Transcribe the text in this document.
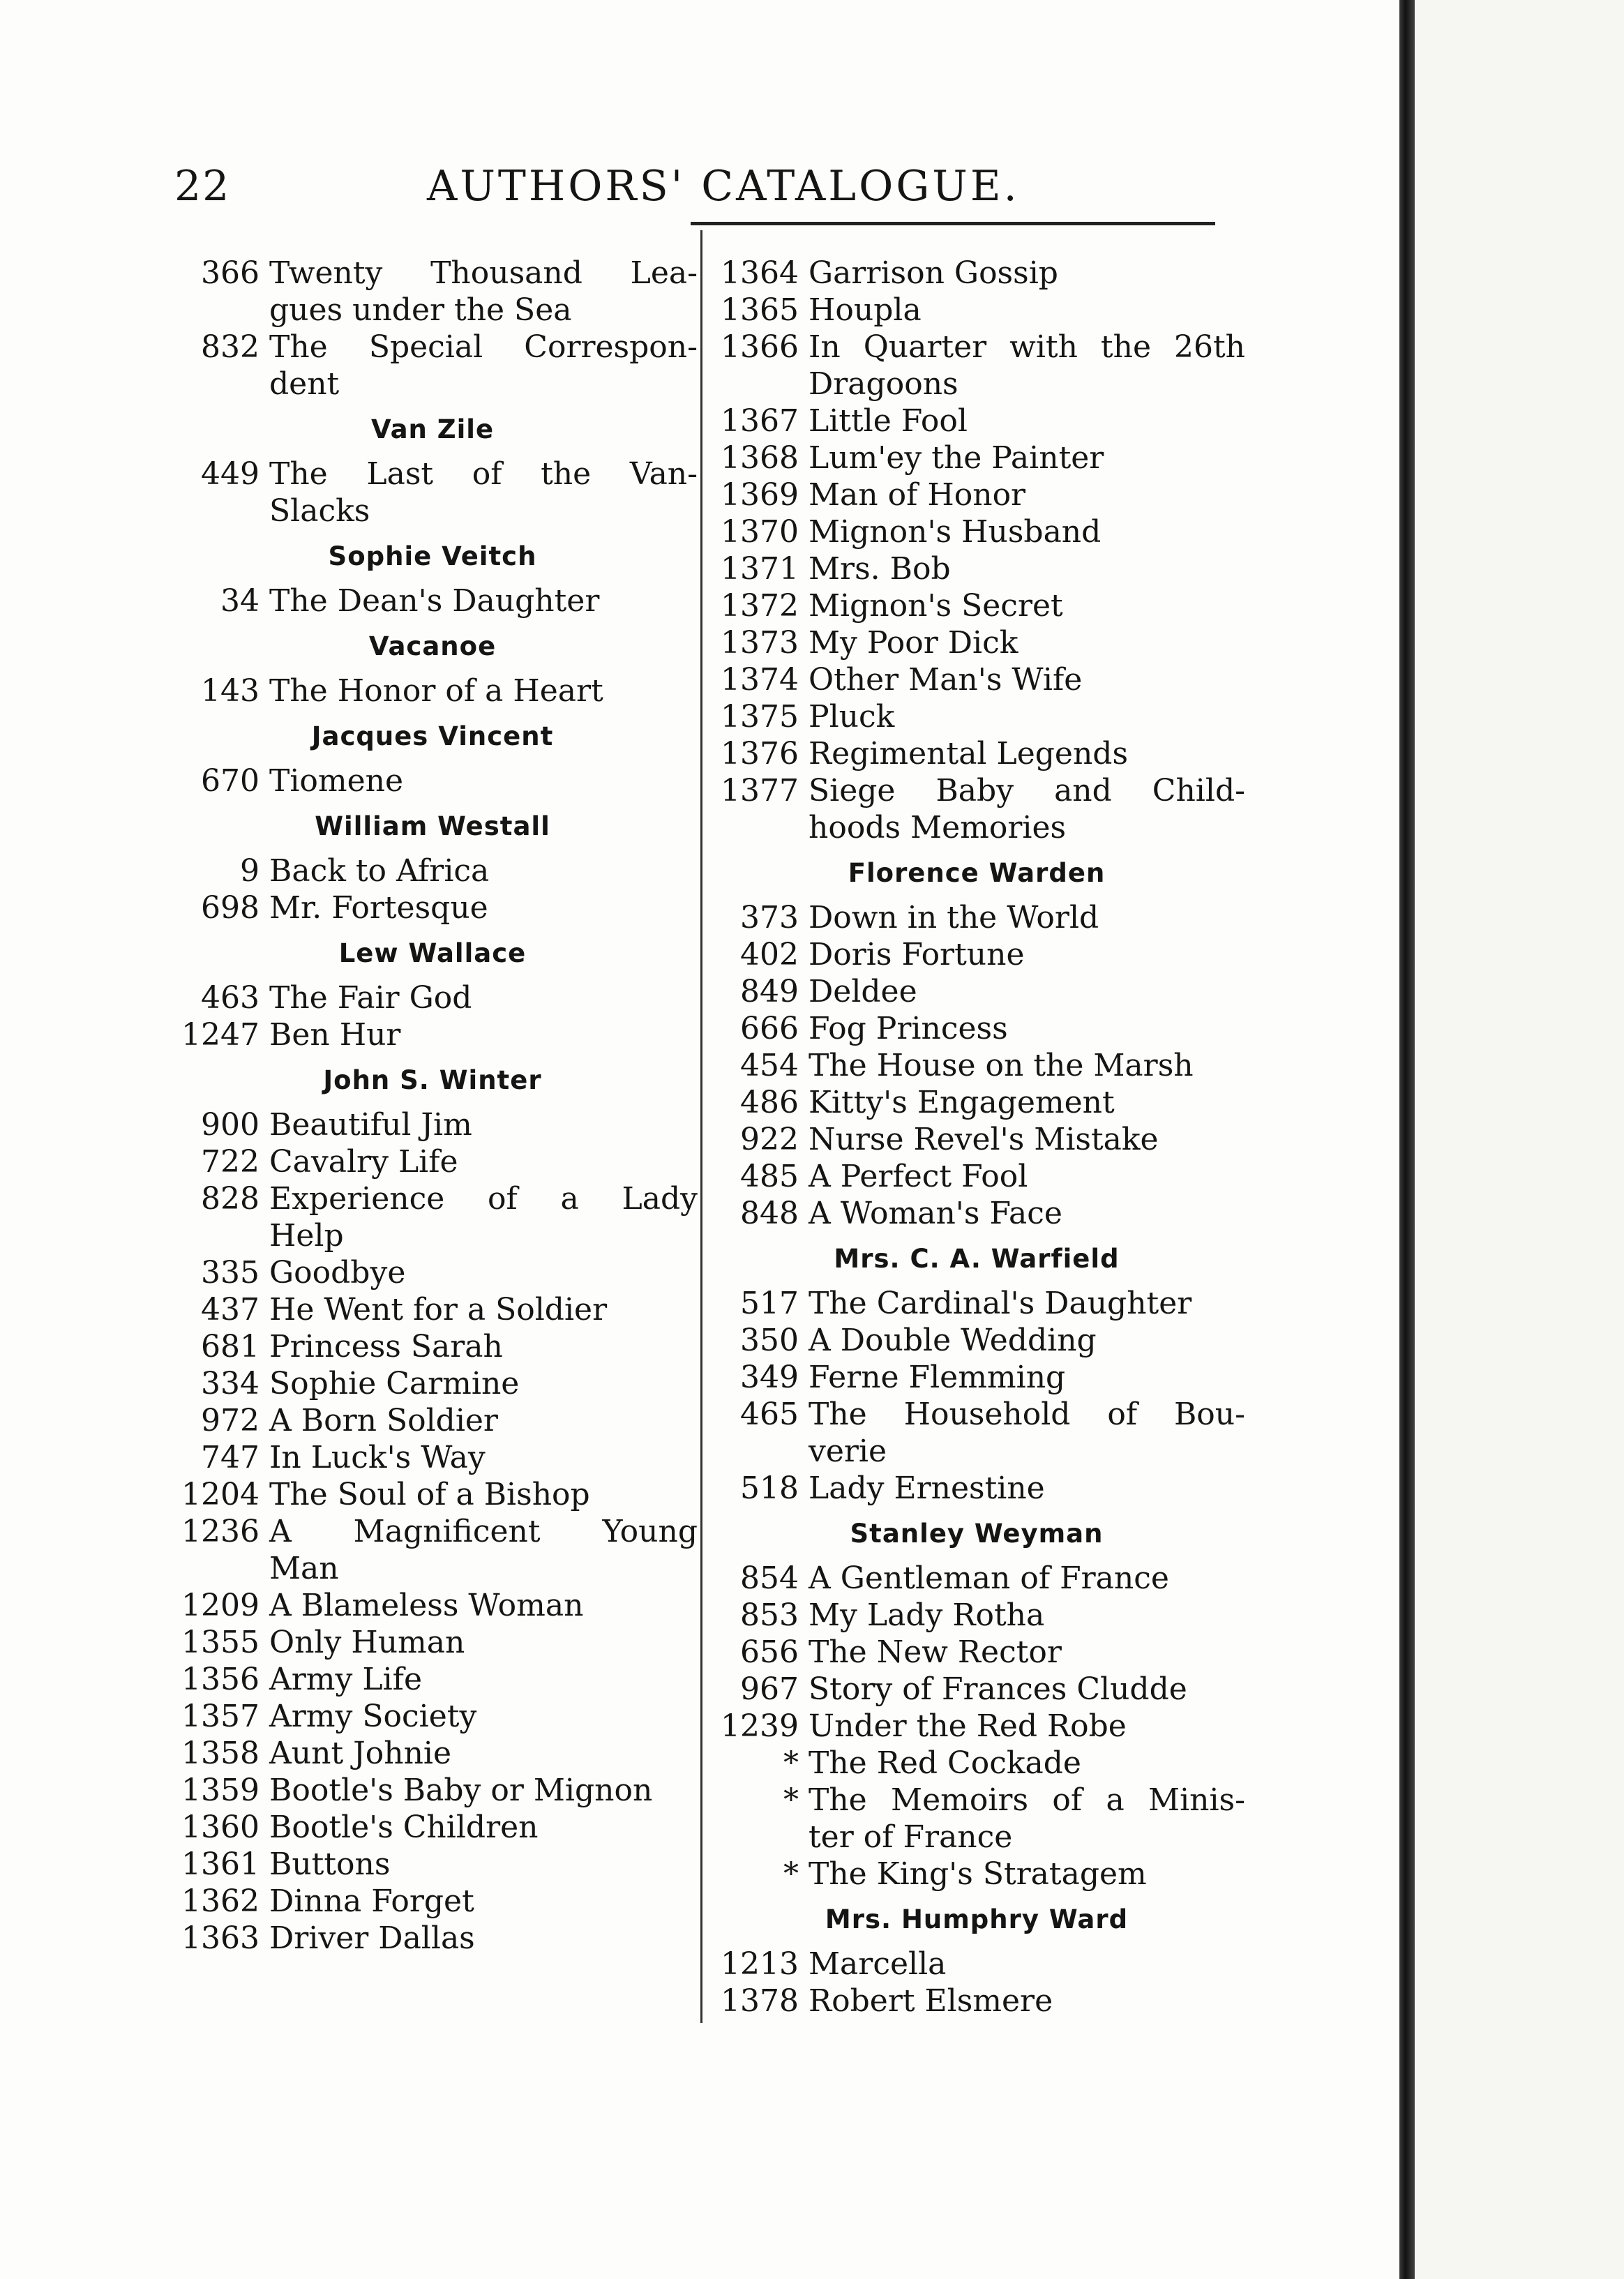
22	AUTHORS' CATALOGUE.
366 Twenty Thousand Lea-
gues under the Sea
832 The Special Correspon-
dent
Van Zile
449 The Last of the Van-
Slacks
Sophie Veitch
34 The Dean's Daughter
Vacanoe
143 The Honor of a Heart
Jacques Vincent
670 Tiomene
William Westall
9 Back to Africa
698 Mr. Fortesque
Lew Wallace
463 The Fair God
1247 Ben Hur
John S. Winter
900 Beautiful Jim
722 Cavalry Life
828 Experience of a Lady
Help
335 Goodbye
437 He Went for a Soldier
681 Princess Sarah
334 Sophie Carmine
972 A Born Soldier
747 In Luck's Way
1204 The Soul of a Bishop
1236 A Magnificent Young
Man
1209 A Blameless Woman
1355 Only Human
1356 Army Life
1357 Army Society
1358 Aunt Johnie
1359 Bootle's Baby or Mignon
1360 Bootle's Children
1361 Buttons
1362 Dinna Forget
1363 Driver Dallas
1364 Garrison Gossip
1365 Houpla
1366 In Quarter with the 26th
Dragoons
1367 Little Fool
1368 Lum'ey the Painter
1369 Man of Honor
1370 Mignon's Husband
1371 Mrs. Bob
1372 Mignon's Secret
1373 My Poor Dick
1374 Other Man's Wife
1375 Pluck
1376 Regimental Legends
1377 Siege Baby and Child-
hoods Memories
Florence Warden
373 Down in the World
402 Doris Fortune
849 Deldee
666 Fog Princess
454 The House on the Marsh
486 Kitty's Engagement
922 Nurse Revel's Mistake
485 A Perfect Fool
848 A Woman's Face
Mrs. C. A. Warfield
517 The Cardinal's Daughter
350 A Double Wedding
349 Ferne Flemming
465 The Household of Bou-
verie
518 Lady Ernestine
Stanley Weyman
854 A Gentleman of France
853 My Lady Rotha
656 The New Rector
967 Story of Frances Cludde
1239 Under the Red Robe
* The Red Cockade
* The Memoirs of a Minis-
ter of France
* The King's Stratagem
Mrs. Humphry Ward
1213 Marcella
1378 Robert Elsmere
